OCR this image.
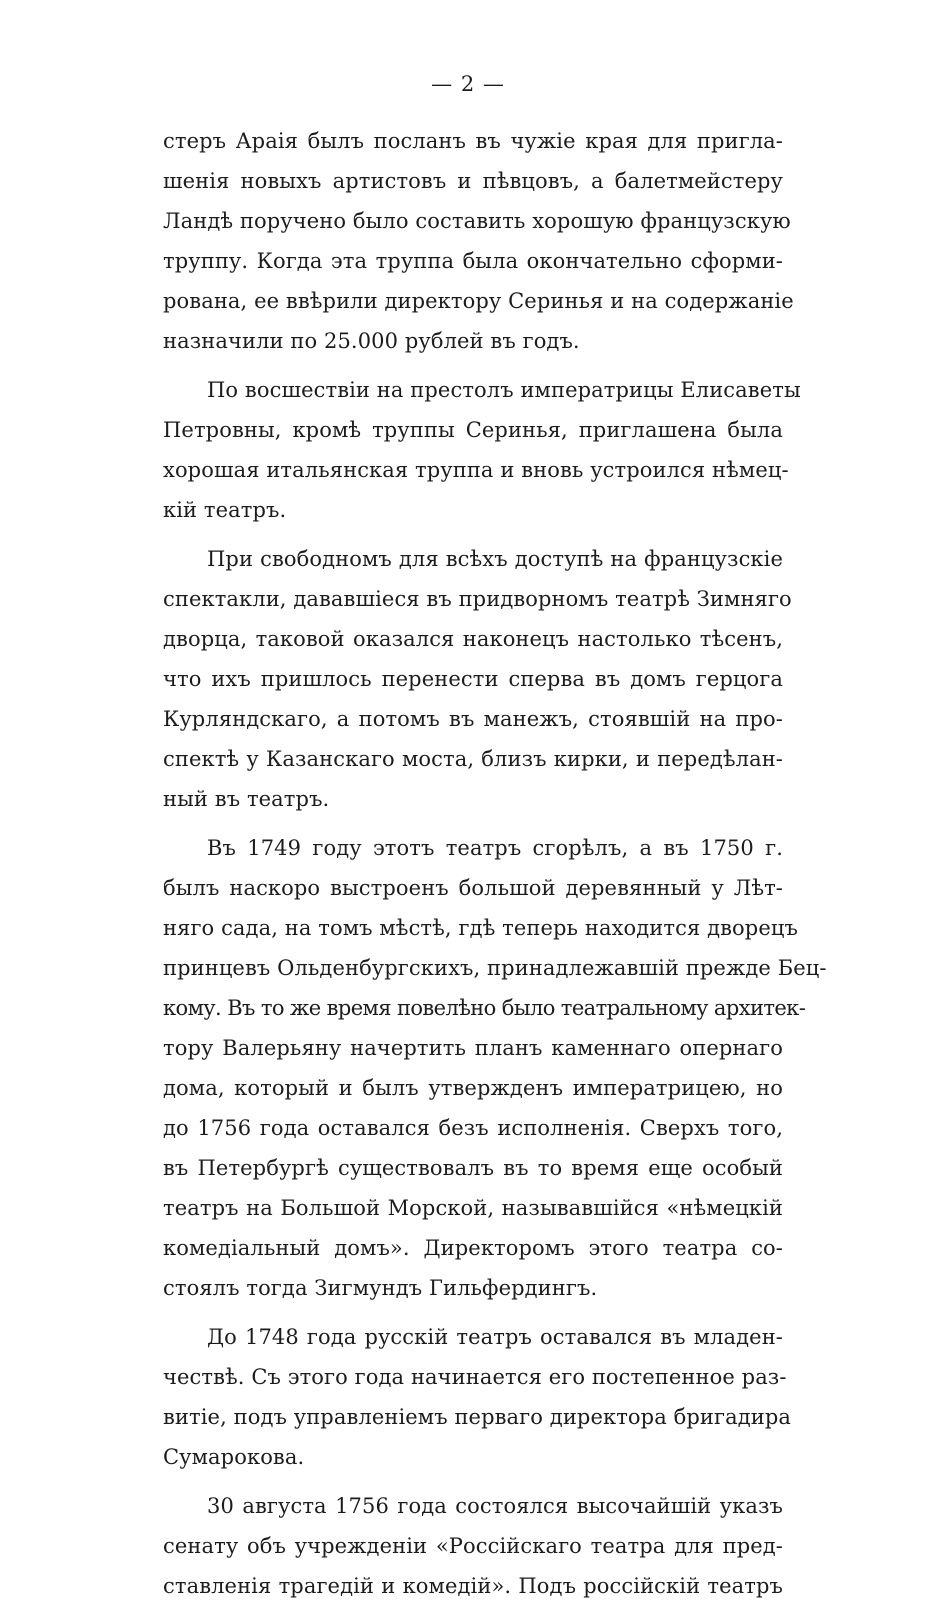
— 2 —
стеръ Араія былъ посланъ въ чужіе края для пригла-
шенія новыхъ артистовъ и пѣвцовъ, а балетмейстеру
Ландѣ поручено было составить хорошую французскую
труппу. Когда эта труппа была окончательно сформи-
рована, ее ввѣрили директору Серинья и на содержаніе
назначили по 25.000 рублей въ годъ.
По восшествіи на престолъ императрицы Елисаветы
Петровны, кромѣ труппы Серинья, приглашена была
хорошая итальянская труппа и вновь устроился нѣмец-
кій театръ.
При свободномъ для всѣхъ доступѣ на французскіе
спектакли, дававшіеся въ придворномъ театрѣ Зимняго
дворца, таковой оказался наконецъ настолько тѣсенъ,
что ихъ пришлось перенести сперва въ домъ герцога
Курляндскаго, а потомъ въ манежъ, стоявшій на про-
спектѣ у Казанскаго моста, близъ кирки, и передѣлан-
ный въ театръ.
Въ 1749 году этотъ театръ сгорѣлъ, а въ 1750 г.
былъ наскоро выстроенъ большой деревянный у Лѣт-
няго сада, на томъ мѣстѣ, гдѣ теперь находится дворецъ
принцевъ Ольденбургскихъ, принадлежавшій прежде Бец-
кому. Въ то же время повелѣно было театральному архитек-
тору Валерьяну начертить планъ каменнаго опернаго
дома, который и былъ утвержденъ императрицею, но
до 1756 года оставался безъ исполненія. Сверхъ того,
въ Петербургѣ существовалъ въ то время еще особый
театръ на Большой Морской, называвшійся «нѣмецкій
комедіальный домъ». Директоромъ этого театра со-
стоялъ тогда Зигмундъ Гильфердингъ.
До 1748 года русскій театръ оставался въ младен-
чествѣ. Съ этого года начинается его постепенное раз-
витіе, подъ управленіемъ перваго директора бригадира
Сумарокова.
30 августа 1756 года состоялся высочайшій указъ
сенату объ учрежденіи «Россійскаго театра для пред-
ставленія трагедій и комедій». Подъ россійскій театръ
